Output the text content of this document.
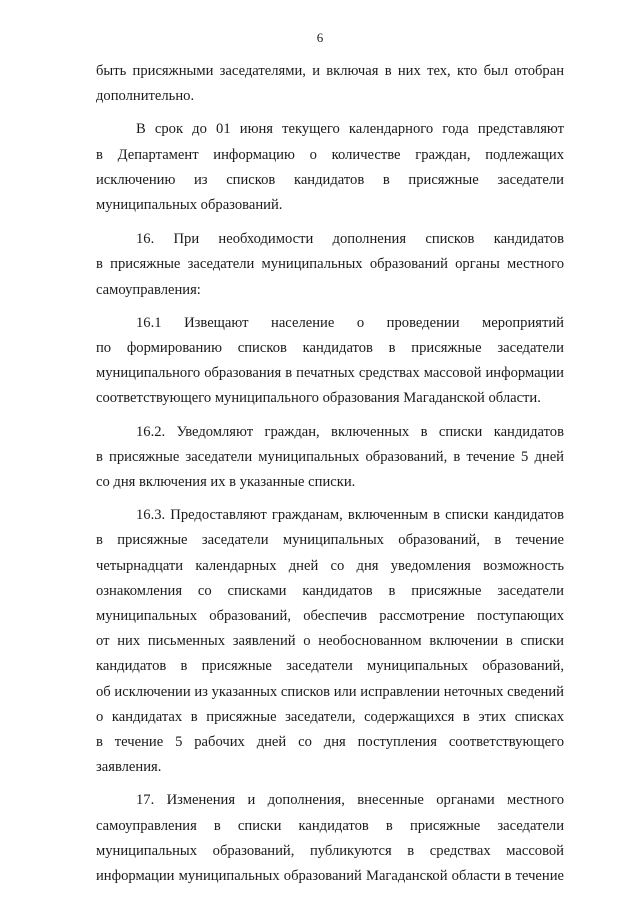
6
быть присяжными заседателями, и включая в них тех, кто был отобран
дополнительно.
В срок до 01 июня текущего календарного года представляют
в Департамент информацию о количестве граждан, подлежащих
исключению из списков кандидатов в присяжные заседатели
муниципальных образований.
16. При необходимости дополнения списков кандидатов
в присяжные заседатели муниципальных образований органы местного
самоуправления:
16.1 Извещают население о проведении мероприятий
по формированию списков кандидатов в присяжные заседатели
муниципального образования в печатных средствах массовой информации
соответствующего муниципального образования Магаданской области.
16.2. Уведомляют граждан, включенных в списки кандидатов
в присяжные заседатели муниципальных образований, в течение 5 дней
со дня включения их в указанные списки.
16.3. Предоставляют гражданам, включенным в списки кандидатов
в присяжные заседатели муниципальных образований, в течение
четырнадцати календарных дней со дня уведомления возможность
ознакомления со списками кандидатов в присяжные заседатели
муниципальных образований, обеспечив рассмотрение поступающих
от них письменных заявлений о необоснованном включении в списки
кандидатов в присяжные заседатели муниципальных образований,
об исключении из указанных списков или исправлении неточных сведений
о кандидатах в присяжные заседатели, содержащихся в этих списках
в течение 5 рабочих дней со дня поступления соответствующего заявления.
17. Изменения и дополнения, внесенные органами местного
самоуправления в списки кандидатов в присяжные заседатели
муниципальных образований, публикуются в средствах массовой
информации муниципальных образований Магаданской области в течение
